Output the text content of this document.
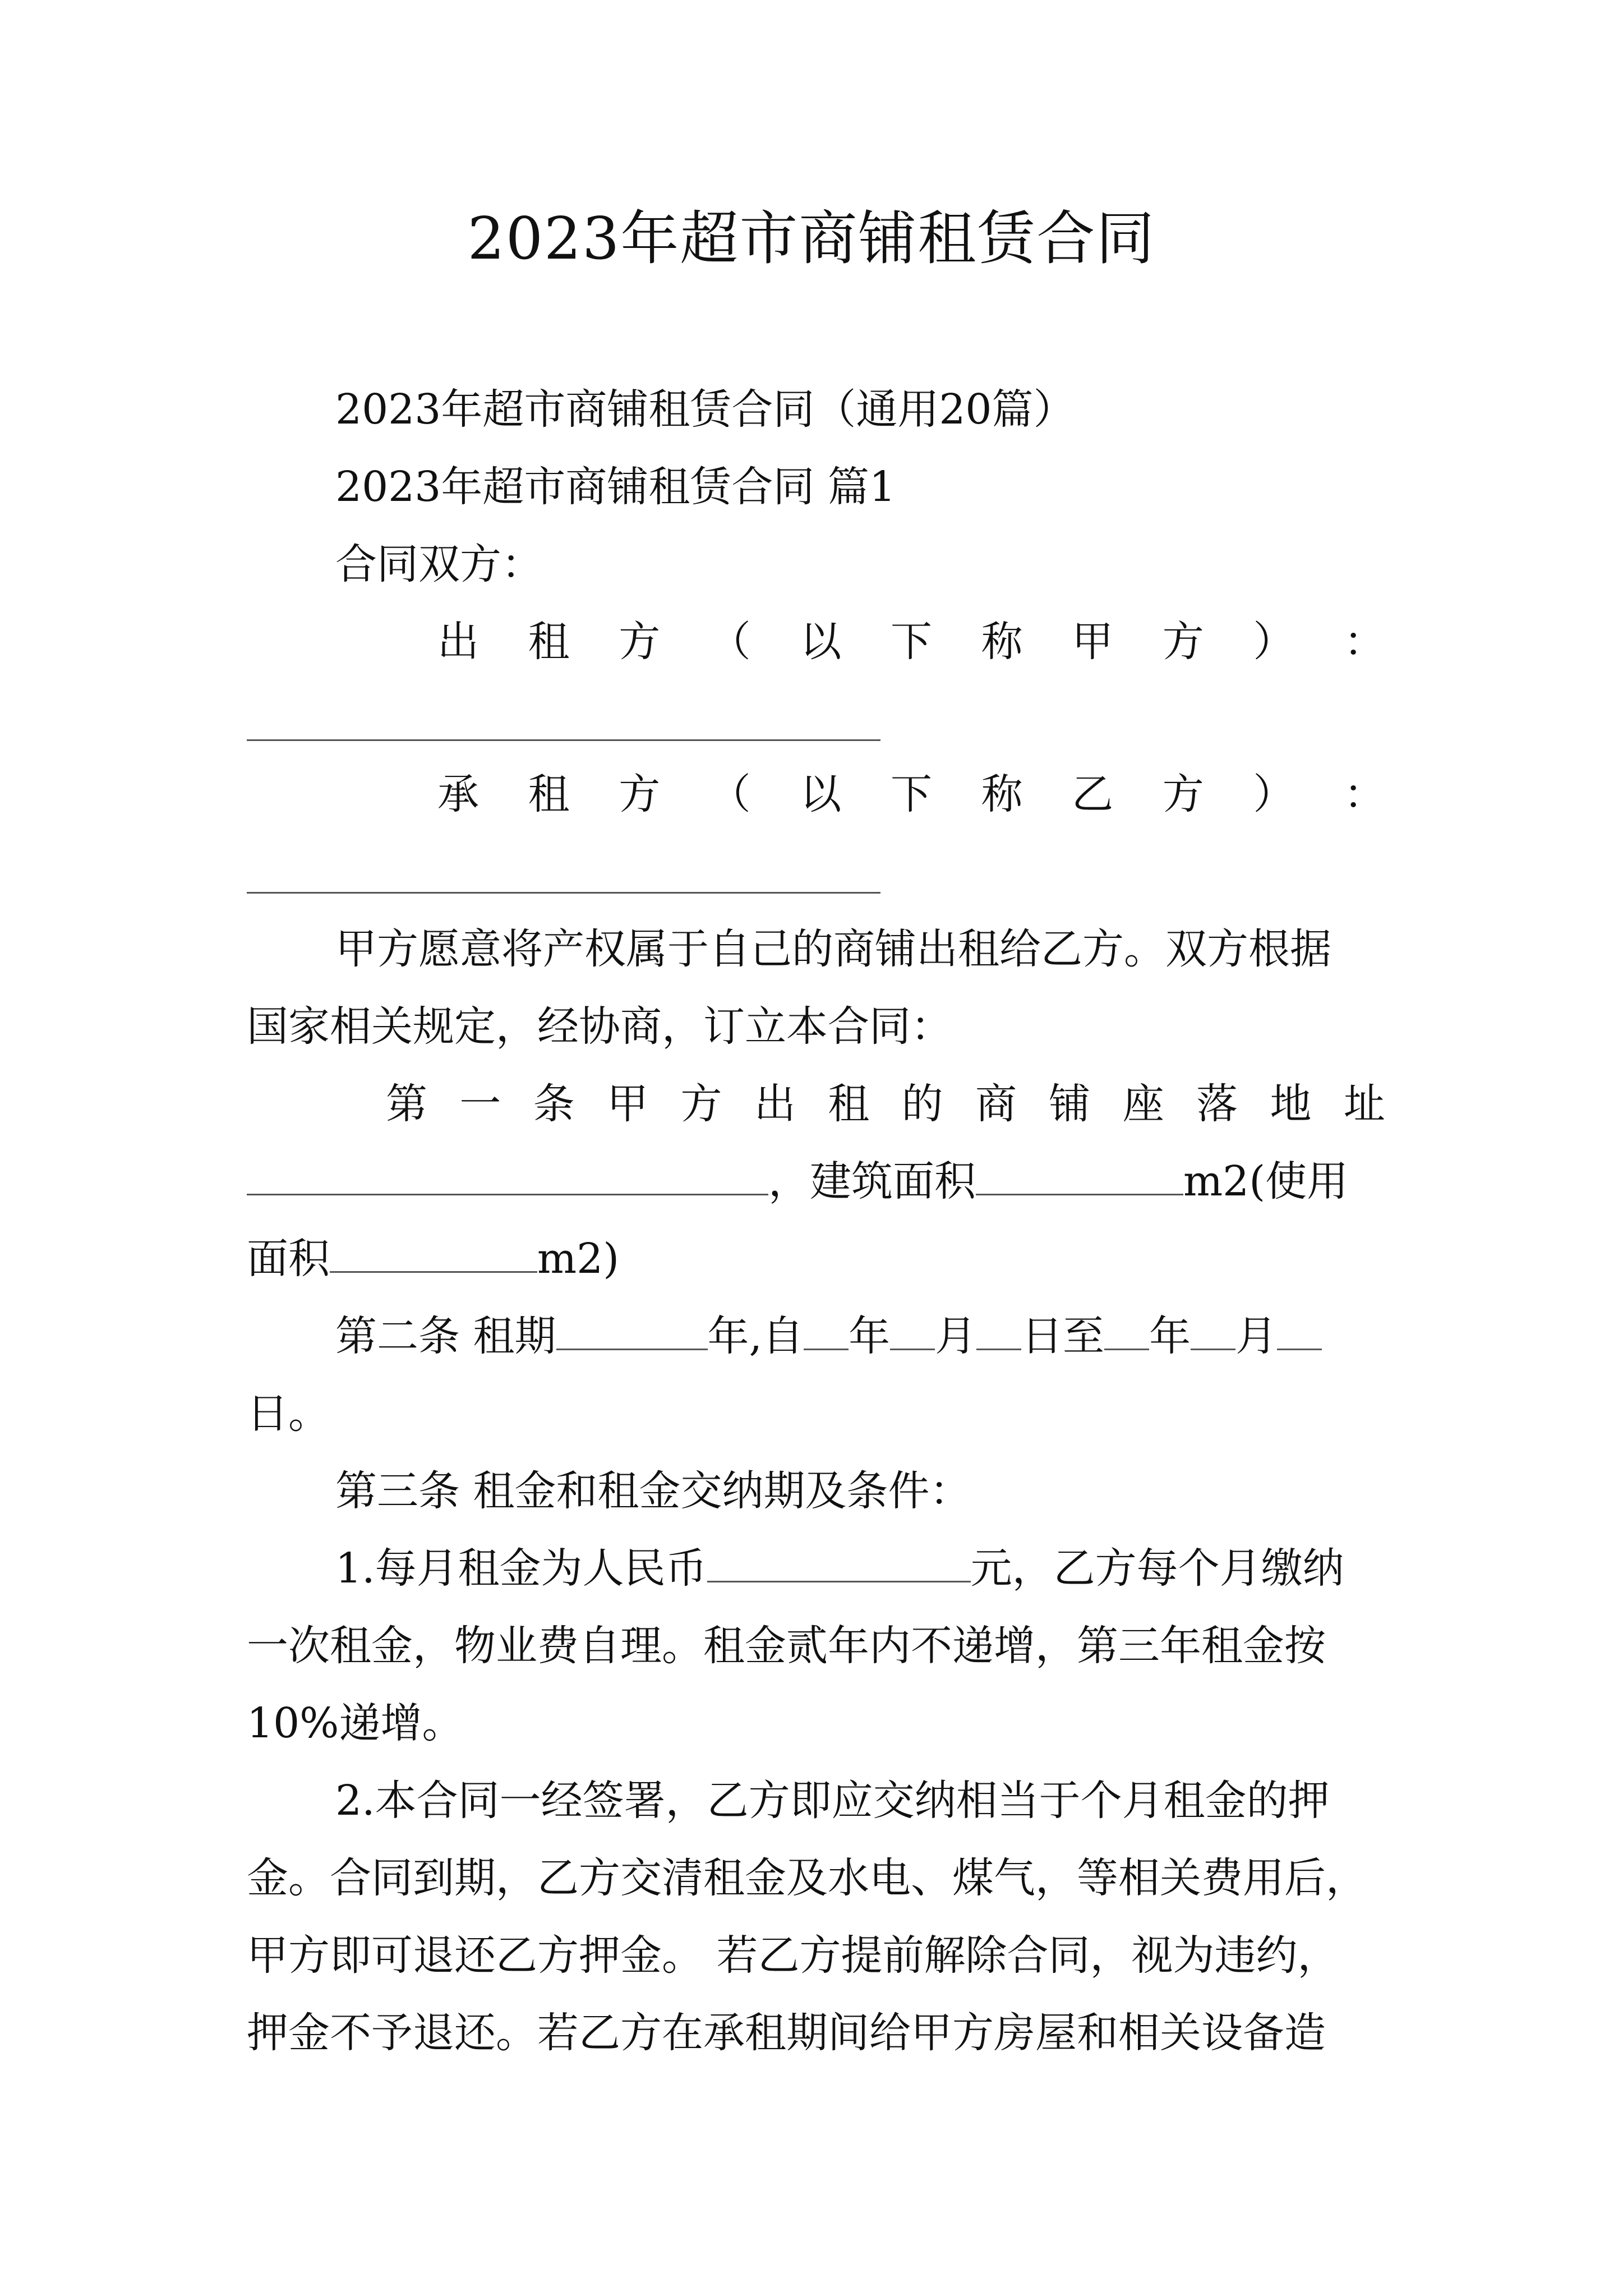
2023年超市商铺租赁合同
2023年超市商铺租赁合同（通用20篇）
2023年超市商铺租赁合同 篇1
合同双方：
出 租 方 （ 以 下 称 甲 方 ） ：
承 租 方 （ 以 下 称 乙 方 ） ：
甲方愿意将产权属于自己的商铺出租给乙方。双方根据
国家相关规定，经协商，订立本合同：
第 一 条 甲 方 出 租 的 商 铺 座 落 地 址
，建筑面积	m2(使用
面积	m2)
第二条 租期	年,自 年 月 日至 年 月
日。
第三条 租金和租金交纳期及条件：
1.每月租金为人民币	元，乙方每个月缴纳
一次租金，物业费自理。租金贰年内不递增，第三年租金按
10%递增。
2.本合同一经签署，乙方即应交纳相当于个月租金的押
金。合同到期，乙方交清租金及水电、煤气，等相关费用后，
甲方即可退还乙方押金。 若乙方提前解除合同，视为违约，
押金不予退还。若乙方在承租期间给甲方房屋和相关设备造
